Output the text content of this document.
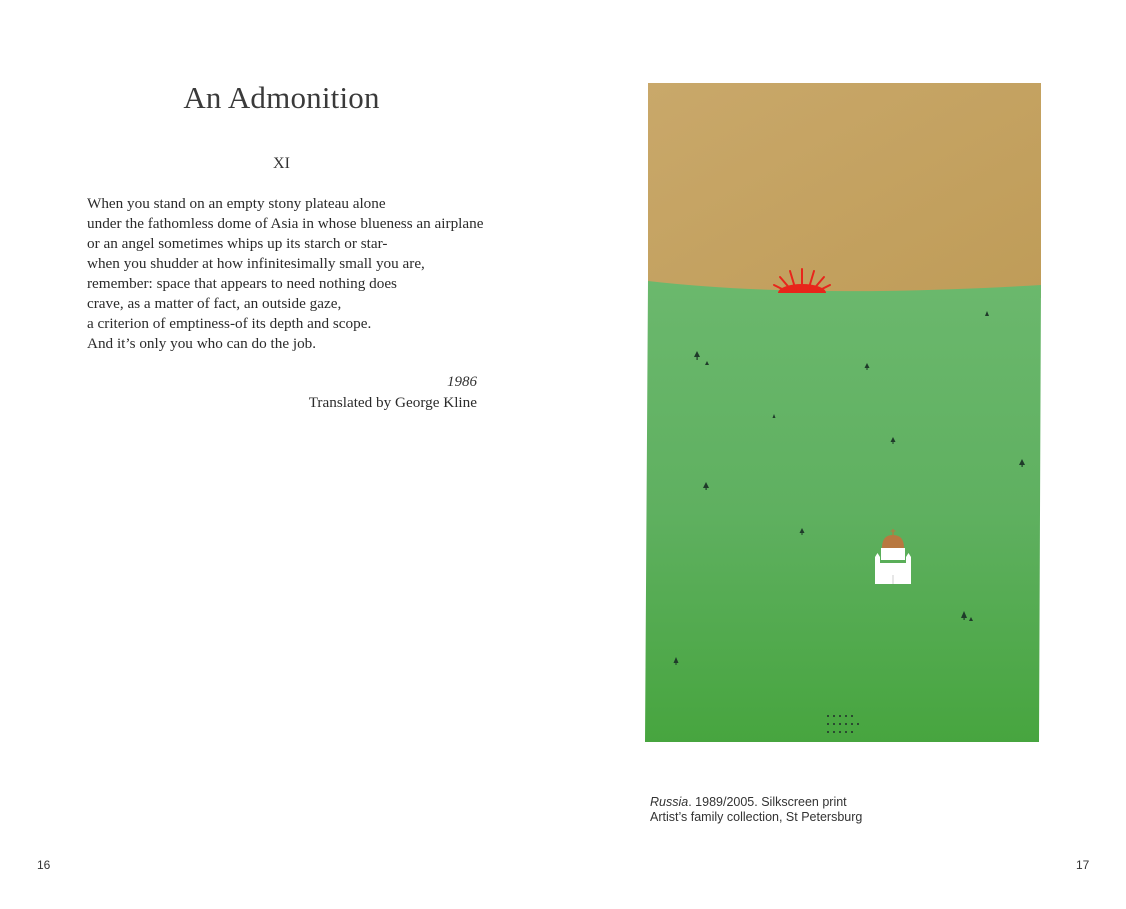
An Admonition
XI
When you stand on an empty stony plateau alone
under the fathomless dome of Asia in whose blueness an airplane
or an angel sometimes whips up its starch or star-
when you shudder at how infinitesimally small you are,
remember: space that appears to need nothing does
crave, as a matter of fact, an outside gaze,
a criterion of emptiness-of its depth and scope.
And it’s only you who can do the job.
1986
Translated by George Kline
16
Russia. 1989/2005. Silkscreen print
Artist’s family collection, St Petersburg
17
